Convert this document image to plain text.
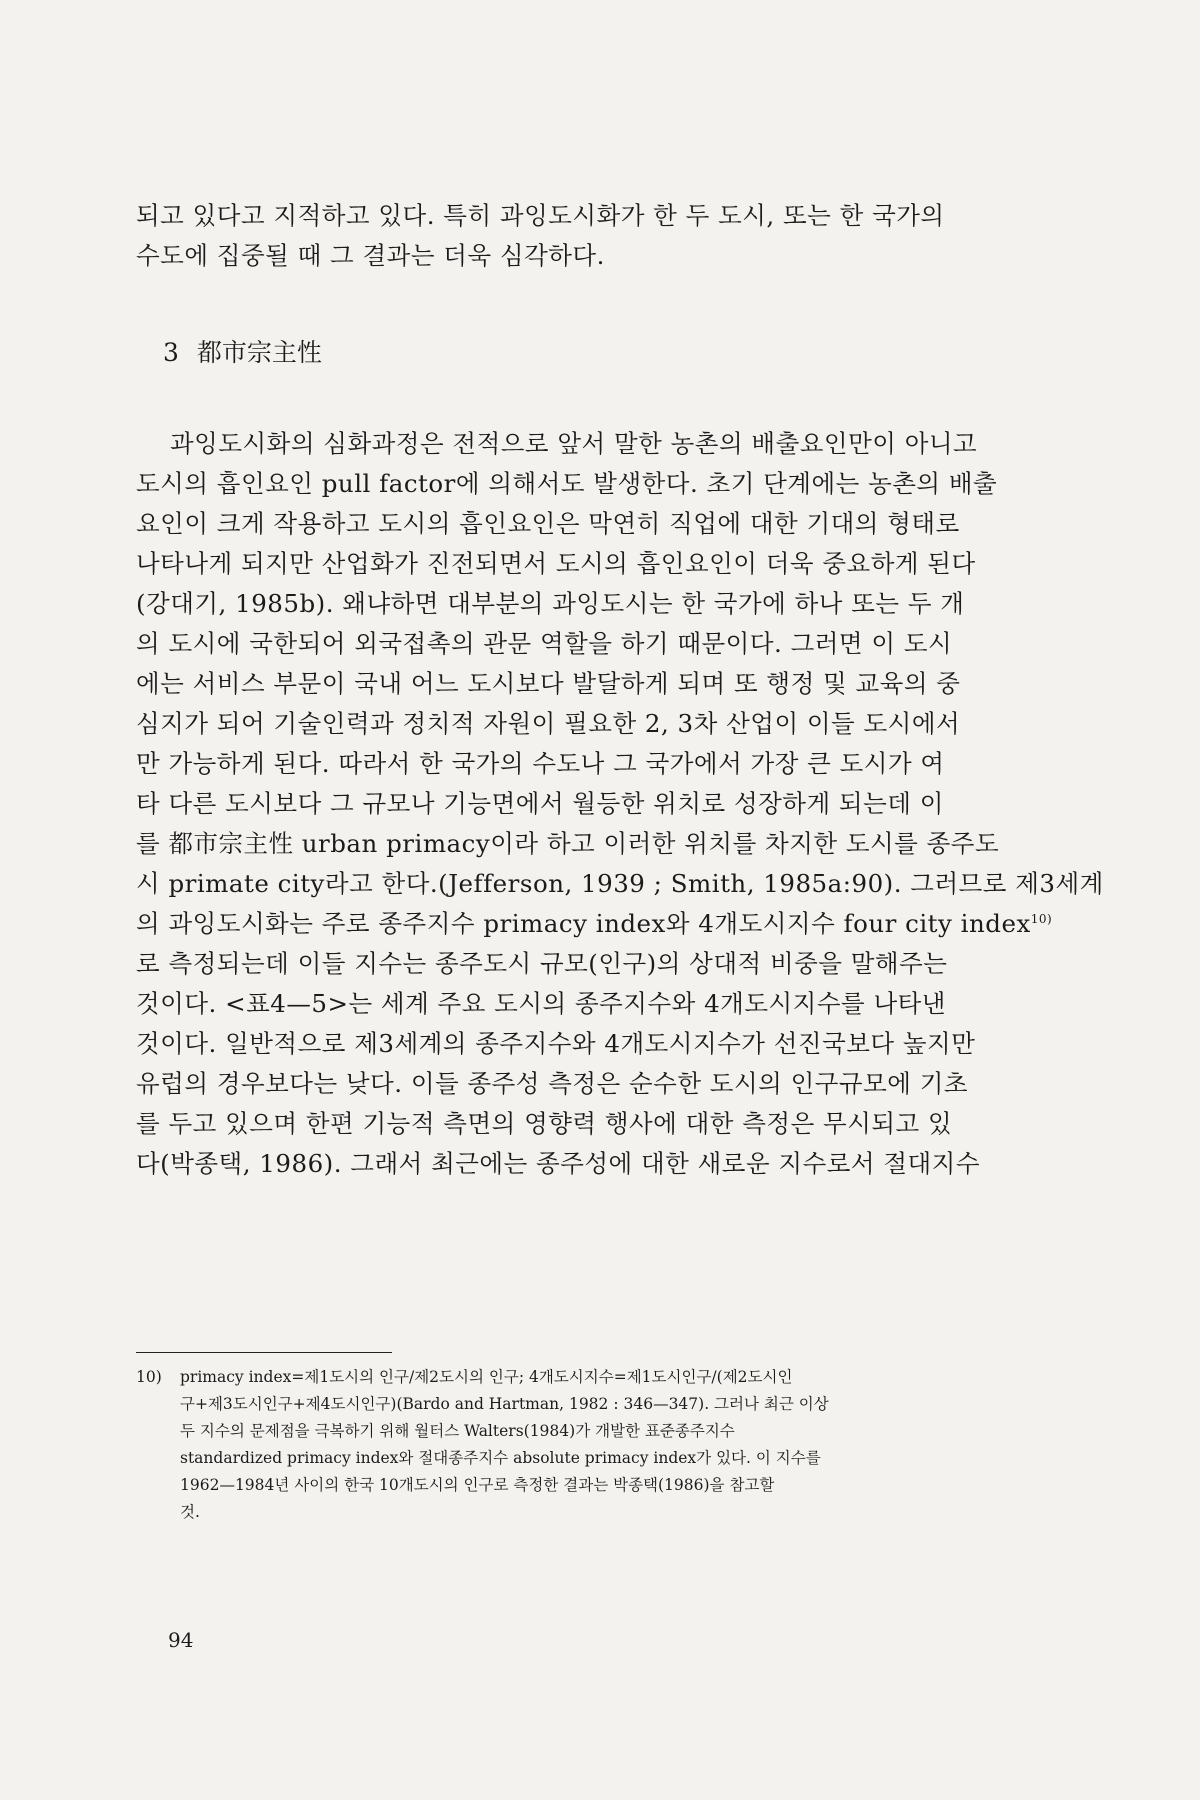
되고 있다고 지적하고 있다. 특히 과잉도시화가 한 두 도시, 또는 한 국가의
수도에 집중될 때 그 결과는 더욱 심각하다.

3 都市宗主性

과잉도시화의 심화과정은 전적으로 앞서 말한 농촌의 배출요인만이 아니고
도시의 흡인요인 pull factor에 의해서도 발생한다. 초기 단계에는 농촌의 배출
요인이 크게 작용하고 도시의 흡인요인은 막연히 직업에 대한 기대의 형태로
나타나게 되지만 산업화가 진전되면서 도시의 흡인요인이 더욱 중요하게 된다
(강대기, 1985b). 왜냐하면 대부분의 과잉도시는 한 국가에 하나 또는 두 개
의 도시에 국한되어 외국접촉의 관문 역할을 하기 때문이다. 그러면 이 도시
에는 서비스 부문이 국내 어느 도시보다 발달하게 되며 또 행정 및 교육의 중
심지가 되어 기술인력과 정치적 자원이 필요한 2, 3차 산업이 이들 도시에서
만 가능하게 된다. 따라서 한 국가의 수도나 그 국가에서 가장 큰 도시가 여
타 다른 도시보다 그 규모나 기능면에서 월등한 위치로 성장하게 되는데 이
를 都市宗主性 urban primacy이라 하고 이러한 위치를 차지한 도시를 종주도
시 primate city라고 한다.(Jefferson, 1939 ; Smith, 1985a:90). 그러므로 제3세계
의 과잉도시화는 주로 종주지수 primacy index와 4개도시지수 four city index$^{10)}$
로 측정되는데 이들 지수는 종주도시 규모(인구)의 상대적 비중을 말해주는
것이다. <표4—5>는 세계 주요 도시의 종주지수와 4개도시지수를 나타낸
것이다. 일반적으로 제3세계의 종주지수와 4개도시지수가 선진국보다 높지만
유럽의 경우보다는 낮다. 이들 종주성 측정은 순수한 도시의 인구규모에 기초
를 두고 있으며 한편 기능적 측면의 영향력 행사에 대한 측정은 무시되고 있
다(박종택, 1986). 그래서 최근에는 종주성에 대한 새로운 지수로서 절대지수

10) primacy index=제1도시의 인구/제2도시의 인구; 4개도시지수=제1도시인구/(제2도시인
구+제3도시인구+제4도시인구)(Bardo and Hartman, 1982 : 346—347). 그러나 최근 이상
두 지수의 문제점을 극복하기 위해 월터스 Walters(1984)가 개발한 표준종주지수
standardized primacy index와 절대종주지수 absolute primacy index가 있다. 이 지수를
1962—1984년 사이의 한국 10개도시의 인구로 측정한 결과는 박종택(1986)을 참고할
것.

94
